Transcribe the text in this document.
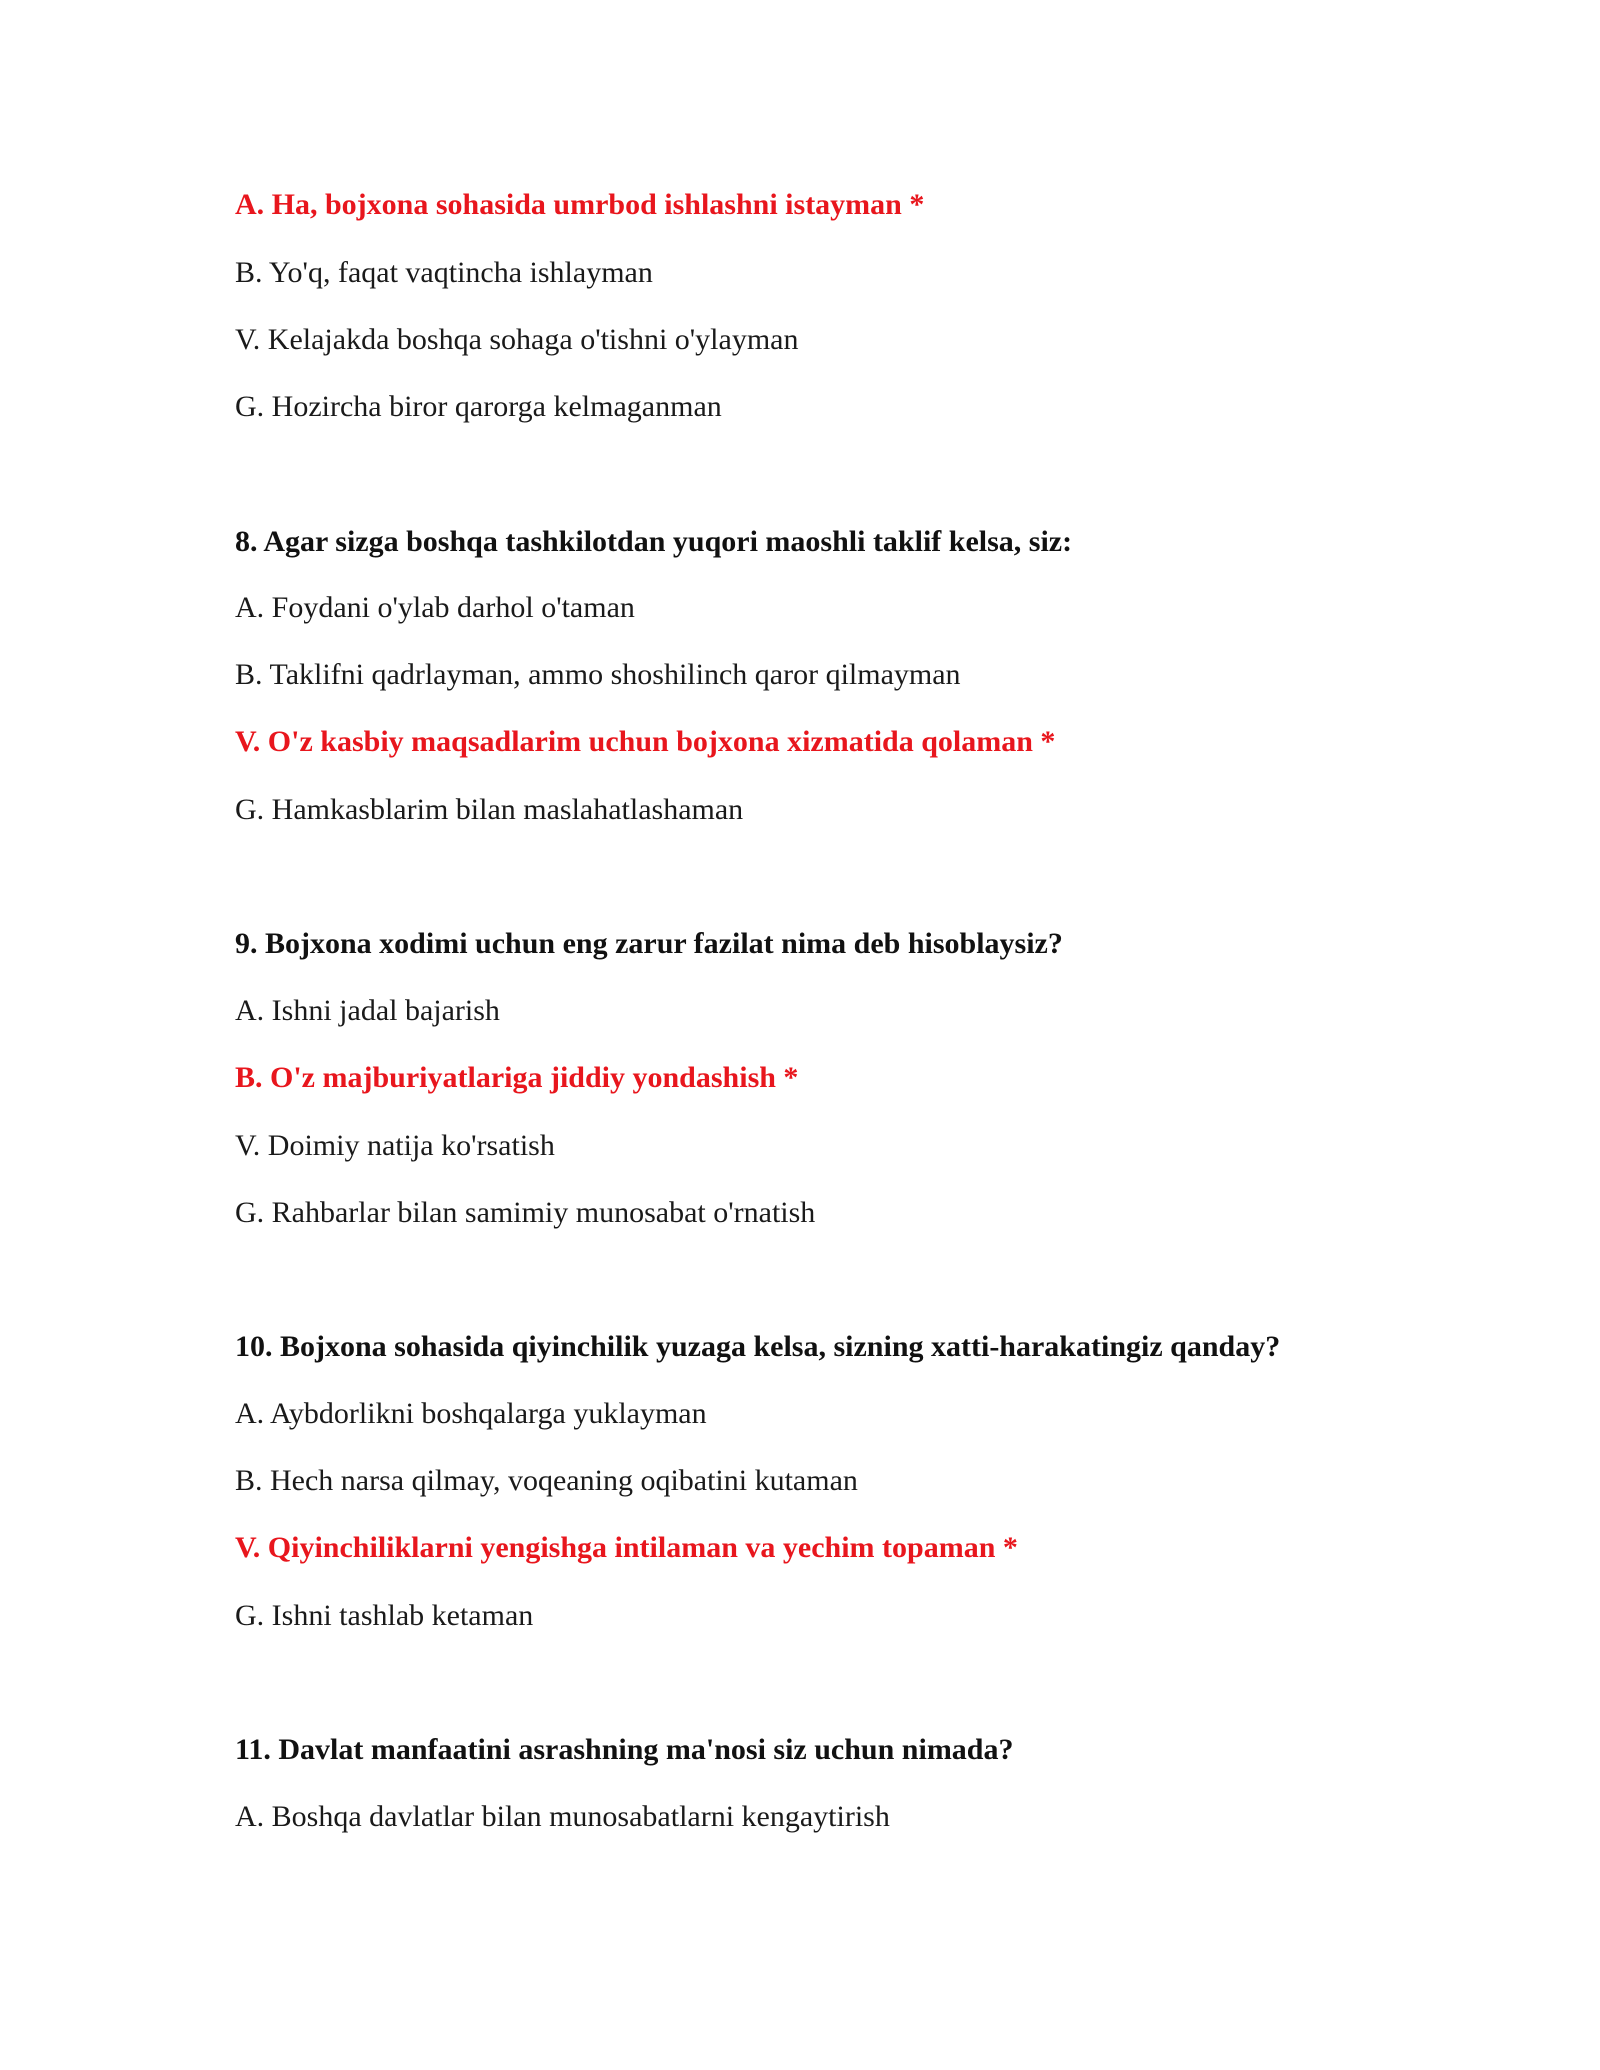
A. Ha, bojxona sohasida umrbod ishlashni istayman *
B. Yo'q, faqat vaqtincha ishlayman
V. Kelajakda boshqa sohaga o'tishni o'ylayman
G. Hozircha biror qarorga kelmaganman
8. Agar sizga boshqa tashkilotdan yuqori maoshli taklif kelsa, siz:
A. Foydani o'ylab darhol o'taman
B. Taklifni qadrlayman, ammo shoshilinch qaror qilmayman
V. O'z kasbiy maqsadlarim uchun bojxona xizmatida qolaman *
G. Hamkasblarim bilan maslahatlashaman
9. Bojxona xodimi uchun eng zarur fazilat nima deb hisoblaysiz?
A. Ishni jadal bajarish
B. O'z majburiyatlariga jiddiy yondashish *
V. Doimiy natija ko'rsatish
G. Rahbarlar bilan samimiy munosabat o'rnatish
10. Bojxona sohasida qiyinchilik yuzaga kelsa, sizning xatti-harakatingiz qanday?
A. Aybdorlikni boshqalarga yuklayman
B. Hech narsa qilmay, voqeaning oqibatini kutaman
V. Qiyinchiliklarni yengishga intilaman va yechim topaman *
G. Ishni tashlab ketaman
11. Davlat manfaatini asrashning ma'nosi siz uchun nimada?
A. Boshqa davlatlar bilan munosabatlarni kengaytirish
